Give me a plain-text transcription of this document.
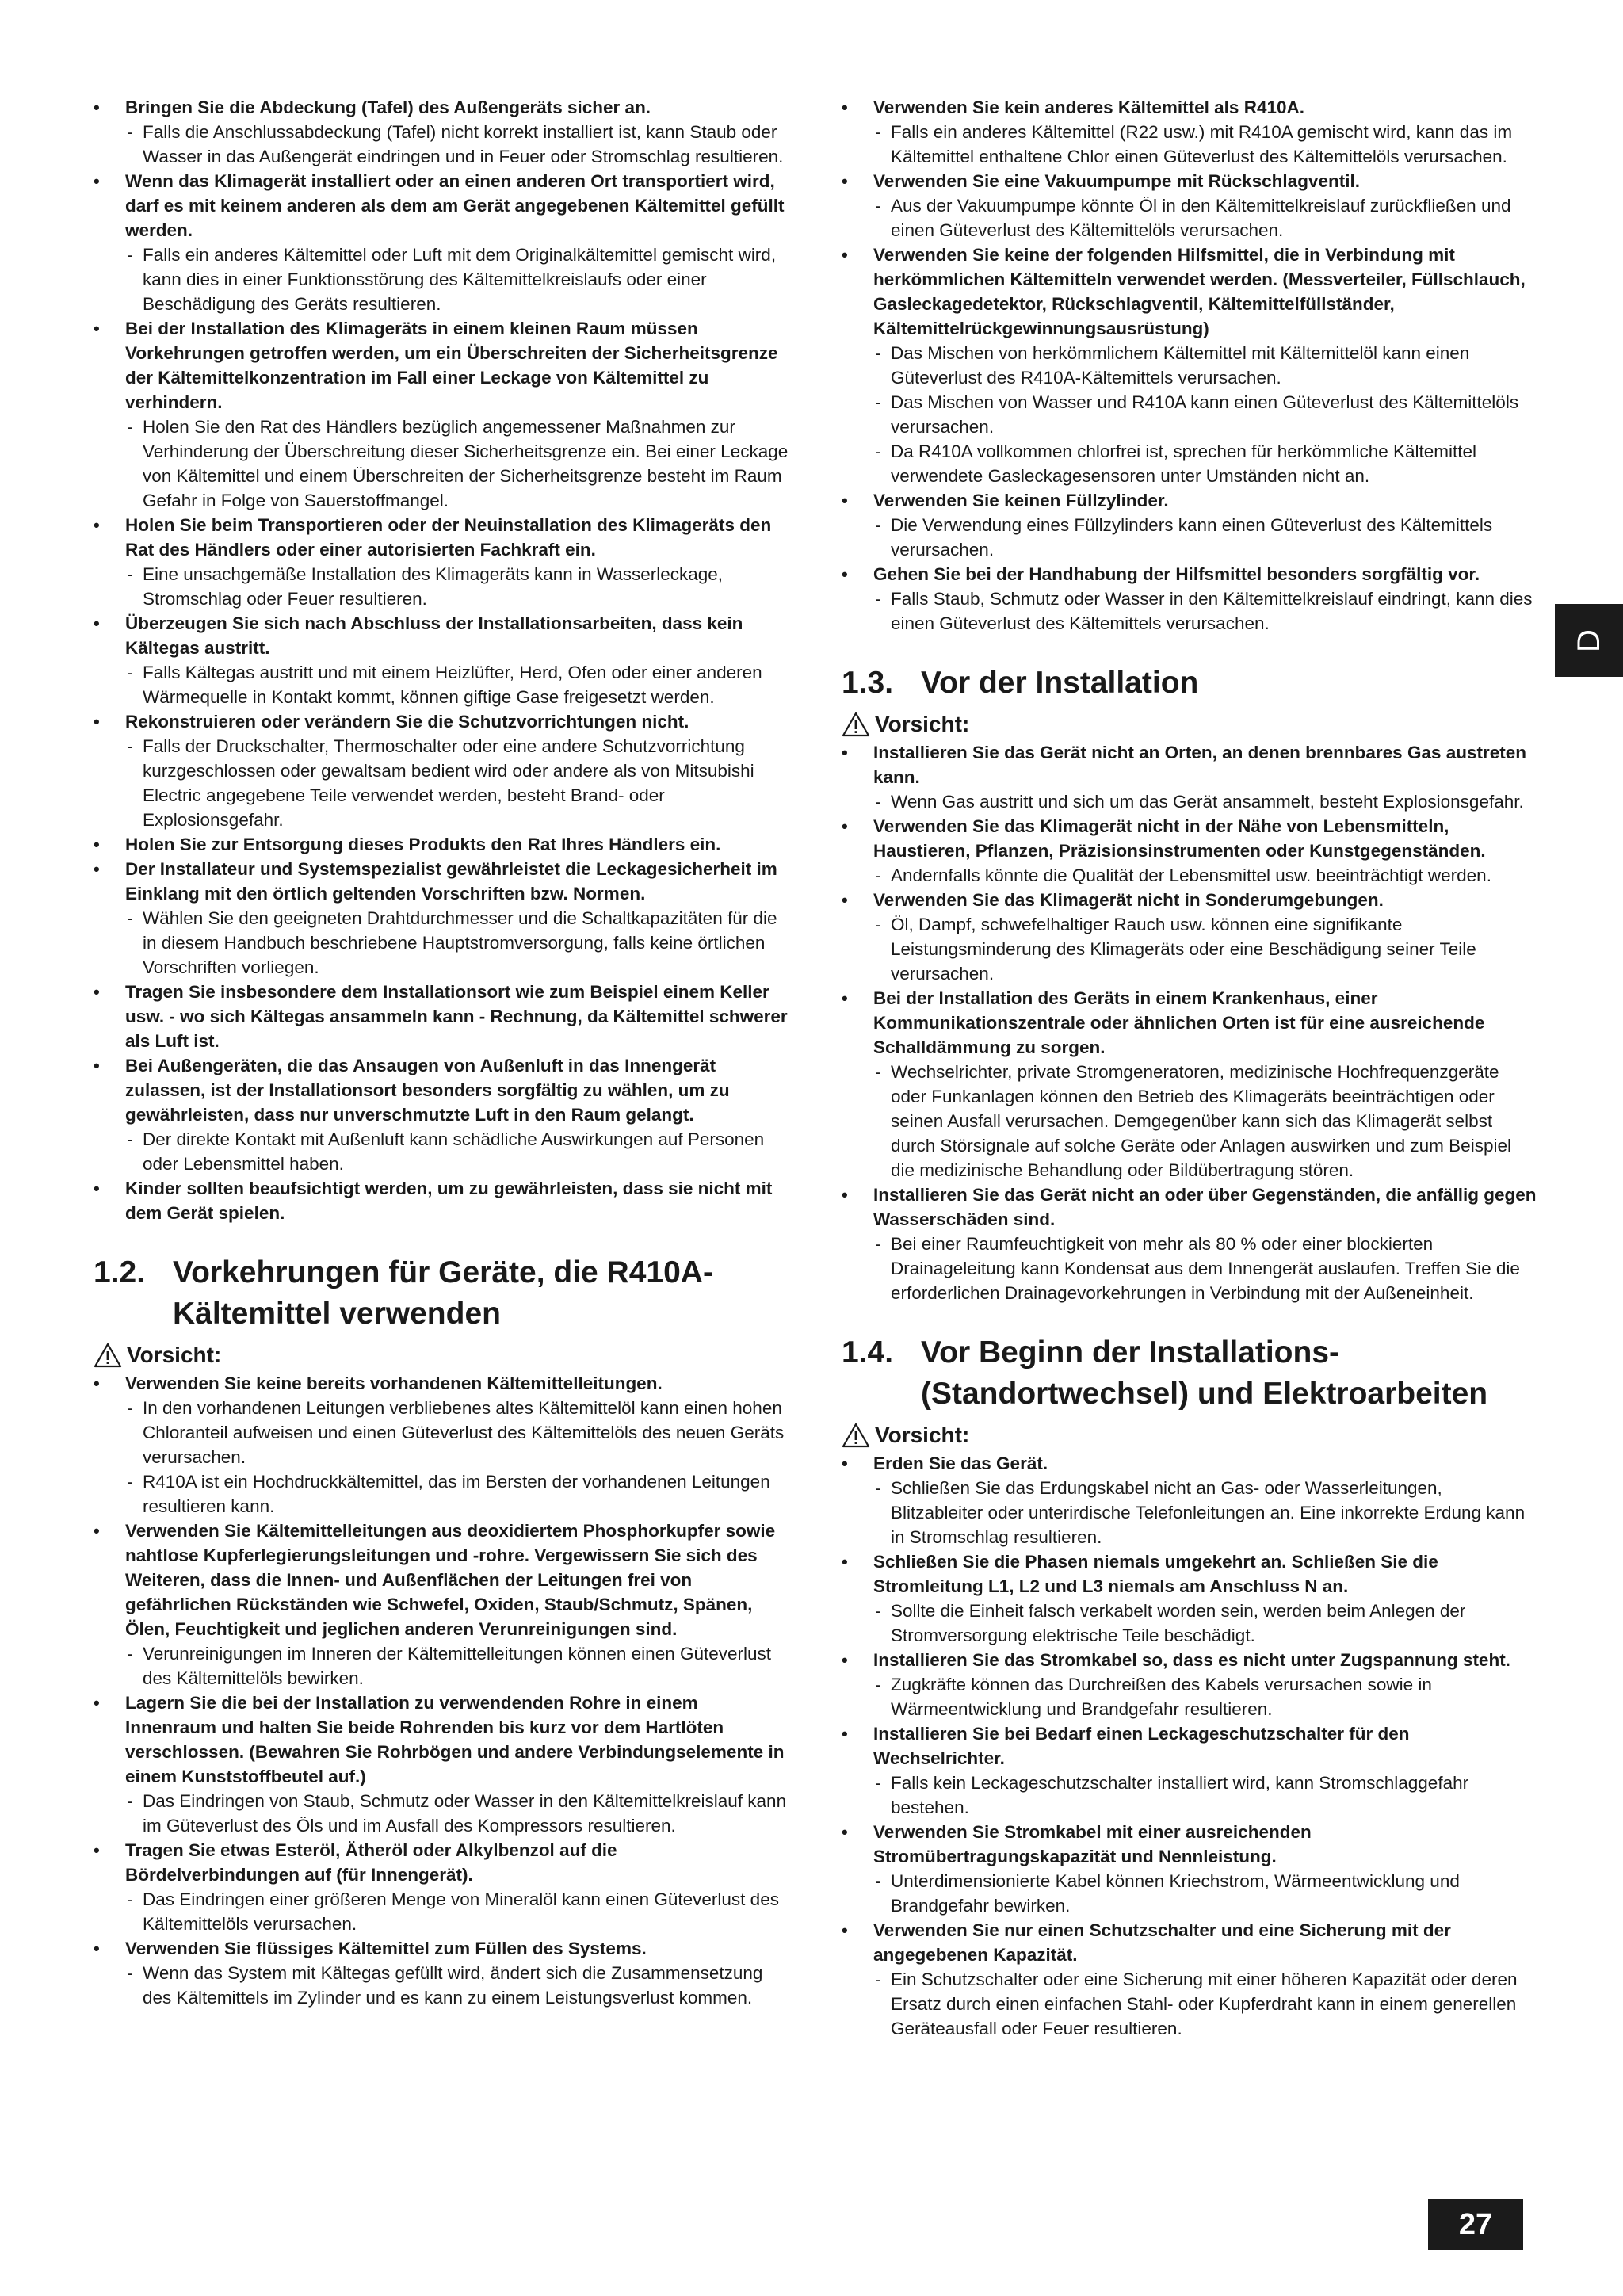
• Bringen Sie die Abdeckung (Tafel) des Außengeräts sicher an.
- Falls die Anschlussabdeckung (Tafel) nicht korrekt installiert ist, kann Staub oder Wasser in das Außengerät eindringen und in Feuer oder Stromschlag resultieren.
• Wenn das Klimagerät installiert oder an einen anderen Ort transportiert wird, darf es mit keinem anderen als dem am Gerät angegebenen Kältemittel gefüllt werden.
- Falls ein anderes Kältemittel oder Luft mit dem Originalkältemittel gemischt wird, kann dies in einer Funktionsstörung des Kältemittelkreislaufs oder einer Beschädigung des Geräts resultieren.
• Bei der Installation des Klimageräts in einem kleinen Raum müssen Vorkehrungen getroffen werden, um ein Überschreiten der Sicherheitsgrenze der Kältemittelkonzentration im Fall einer Leckage von Kältemittel zu verhindern.
- Holen Sie den Rat des Händlers bezüglich angemessener Maßnahmen zur Verhinderung der Überschreitung dieser Sicherheitsgrenze ein. Bei einer Leckage von Kältemittel und einem Überschreiten der Sicherheitsgrenze besteht im Raum Gefahr in Folge von Sauerstoffmangel.
• Holen Sie beim Transportieren oder der Neuinstallation des Klimageräts den Rat des Händlers oder einer autorisierten Fachkraft ein.
- Eine unsachgemäße Installation des Klimageräts kann in Wasserleckage, Stromschlag oder Feuer resultieren.
• Überzeugen Sie sich nach Abschluss der Installationsarbeiten, dass kein Kältegas austritt.
- Falls Kältegas austritt und mit einem Heizlüfter, Herd, Ofen oder einer anderen Wärmequelle in Kontakt kommt, können giftige Gase freigesetzt werden.
• Rekonstruieren oder verändern Sie die Schutzvorrichtungen nicht.
- Falls der Druckschalter, Thermoschalter oder eine andere Schutzvorrichtung kurzgeschlossen oder gewaltsam bedient wird oder andere als von Mitsubishi Electric angegebene Teile verwendet werden, besteht Brand- oder Explosionsgefahr.
• Holen Sie zur Entsorgung dieses Produkts den Rat Ihres Händlers ein.
• Der Installateur und Systemspezialist gewährleistet die Leckagesicherheit im Einklang mit den örtlich geltenden Vorschriften bzw. Normen.
- Wählen Sie den geeigneten Drahtdurchmesser und die Schaltkapazitäten für die in diesem Handbuch beschriebene Hauptstromversorgung, falls keine örtlichen Vorschriften vorliegen.
• Tragen Sie insbesondere dem Installationsort wie zum Beispiel einem Keller usw. - wo sich Kältegas ansammeln kann - Rechnung, da Kältemittel schwerer als Luft ist.
• Bei Außengeräten, die das Ansaugen von Außenluft in das Innengerät zulassen, ist der Installationsort besonders sorgfältig zu wählen, um zu gewährleisten, dass nur unverschmutzte Luft in den Raum gelangt.
- Der direkte Kontakt mit Außenluft kann schädliche Auswirkungen auf Personen oder Lebensmittel haben.
• Kinder sollten beaufsichtigt werden, um zu gewährleisten, dass sie nicht mit dem Gerät spielen.
1.2. Vorkehrungen für Geräte, die R410A-Kältemittel verwenden
Vorsicht:
• Verwenden Sie keine bereits vorhandenen Kältemittelleitungen.
- In den vorhandenen Leitungen verbliebenes altes Kältemittelöl kann einen hohen Chloranteil aufweisen und einen Güteverlust des Kältemittelöls des neuen Geräts verursachen.
- R410A ist ein Hochdruckkältemittel, das im Bersten der vorhandenen Leitungen resultieren kann.
• Verwenden Sie Kältemittelleitungen aus deoxidiertem Phosphorkupfer sowie nahtlose Kupferlegierungsleitungen und -rohre. Vergewissern Sie sich des Weiteren, dass die Innen- und Außenflächen der Leitungen frei von gefährlichen Rückständen wie Schwefel, Oxiden, Staub/Schmutz, Spänen, Ölen, Feuchtigkeit und jeglichen anderen Verunreinigungen sind.
- Verunreinigungen im Inneren der Kältemittelleitungen können einen Güteverlust des Kältemittelöls bewirken.
• Lagern Sie die bei der Installation zu verwendenden Rohre in einem Innenraum und halten Sie beide Rohrenden bis kurz vor dem Hartlöten verschlossen. (Bewahren Sie Rohrbögen und andere Verbindungselemente in einem Kunststoffbeutel auf.)
- Das Eindringen von Staub, Schmutz oder Wasser in den Kältemittelkreislauf kann im Güteverlust des Öls und im Ausfall des Kompressors resultieren.
• Tragen Sie etwas Esteröl, Ätheröl oder Alkylbenzol auf die Bördelverbindungen auf (für Innengerät).
- Das Eindringen einer größeren Menge von Mineralöl kann einen Güteverlust des Kältemittelöls verursachen.
• Verwenden Sie flüssiges Kältemittel zum Füllen des Systems.
- Wenn das System mit Kältegas gefüllt wird, ändert sich die Zusammensetzung des Kältemittels im Zylinder und es kann zu einem Leistungsverlust kommen.
• Verwenden Sie kein anderes Kältemittel als R410A.
- Falls ein anderes Kältemittel (R22 usw.) mit R410A gemischt wird, kann das im Kältemittel enthaltene Chlor einen Güteverlust des Kältemittelöls verursachen.
• Verwenden Sie eine Vakuumpumpe mit Rückschlagventil.
- Aus der Vakuumpumpe könnte Öl in den Kältemittelkreislauf zurückfließen und einen Güteverlust des Kältemittelöls verursachen.
• Verwenden Sie keine der folgenden Hilfsmittel, die in Verbindung mit herkömmlichen Kältemitteln verwendet werden. (Messverteiler, Füllschlauch, Gasleckagedetektor, Rückschlagventil, Kältemittelfüllständer, Kältemittelrückgewinnungsausrüstung)
- Das Mischen von herkömmlichem Kältemittel mit Kältemittelöl kann einen Güteverlust des R410A-Kältemittels verursachen.
- Das Mischen von Wasser und R410A kann einen Güteverlust des Kältemittelöls verursachen.
- Da R410A vollkommen chlorfrei ist, sprechen für herkömmliche Kältemittel verwendete Gasleckagesensoren unter Umständen nicht an.
• Verwenden Sie keinen Füllzylinder.
- Die Verwendung eines Füllzylinders kann einen Güteverlust des Kältemittels verursachen.
• Gehen Sie bei der Handhabung der Hilfsmittel besonders sorgfältig vor.
- Falls Staub, Schmutz oder Wasser in den Kältemittelkreislauf eindringt, kann dies einen Güteverlust des Kältemittels verursachen.
1.3. Vor der Installation
Vorsicht:
• Installieren Sie das Gerät nicht an Orten, an denen brennbares Gas austreten kann.
- Wenn Gas austritt und sich um das Gerät ansammelt, besteht Explosionsgefahr.
• Verwenden Sie das Klimagerät nicht in der Nähe von Lebensmitteln, Haustieren, Pflanzen, Präzisionsinstrumenten oder Kunstgegenständen.
- Andernfalls könnte die Qualität der Lebensmittel usw. beeinträchtigt werden.
• Verwenden Sie das Klimagerät nicht in Sonderumgebungen.
- Öl, Dampf, schwefelhaltiger Rauch usw. können eine signifikante Leistungsminderung des Klimageräts oder eine Beschädigung seiner Teile verursachen.
• Bei der Installation des Geräts in einem Krankenhaus, einer Kommunikationszentrale oder ähnlichen Orten ist für eine ausreichende Schalldämmung zu sorgen.
- Wechselrichter, private Stromgeneratoren, medizinische Hochfrequenzgeräte oder Funkanlagen können den Betrieb des Klimageräts beeinträchtigen oder seinen Ausfall verursachen. Demgegenüber kann sich das Klimagerät selbst durch Störsignale auf solche Geräte oder Anlagen auswirken und zum Beispiel die medizinische Behandlung oder Bildübertragung stören.
• Installieren Sie das Gerät nicht an oder über Gegenständen, die anfällig gegen Wasserschäden sind.
- Bei einer Raumfeuchtigkeit von mehr als 80 % oder einer blockierten Drainageleitung kann Kondensat aus dem Innengerät auslaufen. Treffen Sie die erforderlichen Drainagevorkehrungen in Verbindung mit der Außeneinheit.
1.4. Vor Beginn der Installations-(Standortwechsel) und Elektroarbeiten
Vorsicht:
• Erden Sie das Gerät.
- Schließen Sie das Erdungskabel nicht an Gas- oder Wasserleitungen, Blitzableiter oder unterirdische Telefonleitungen an. Eine inkorrekte Erdung kann in Stromschlag resultieren.
• Schließen Sie die Phasen niemals umgekehrt an. Schließen Sie die Stromleitung L1, L2 und L3 niemals am Anschluss N an.
- Sollte die Einheit falsch verkabelt worden sein, werden beim Anlegen der Stromversorgung elektrische Teile beschädigt.
• Installieren Sie das Stromkabel so, dass es nicht unter Zugspannung steht.
- Zugkräfte können das Durchreißen des Kabels verursachen sowie in Wärmeentwicklung und Brandgefahr resultieren.
• Installieren Sie bei Bedarf einen Leckageschutzschalter für den Wechselrichter.
- Falls kein Leckageschutzschalter installiert wird, kann Stromschlaggefahr bestehen.
• Verwenden Sie Stromkabel mit einer ausreichenden Stromübertragungskapazität und Nennleistung.
- Unterdimensionierte Kabel können Kriechstrom, Wärmeentwicklung und Brandgefahr bewirken.
• Verwenden Sie nur einen Schutzschalter und eine Sicherung mit der angegebenen Kapazität.
- Ein Schutzschalter oder eine Sicherung mit einer höheren Kapazität oder deren Ersatz durch einen einfachen Stahl- oder Kupferdraht kann in einem generellen Geräteausfall oder Feuer resultieren.
D
27
